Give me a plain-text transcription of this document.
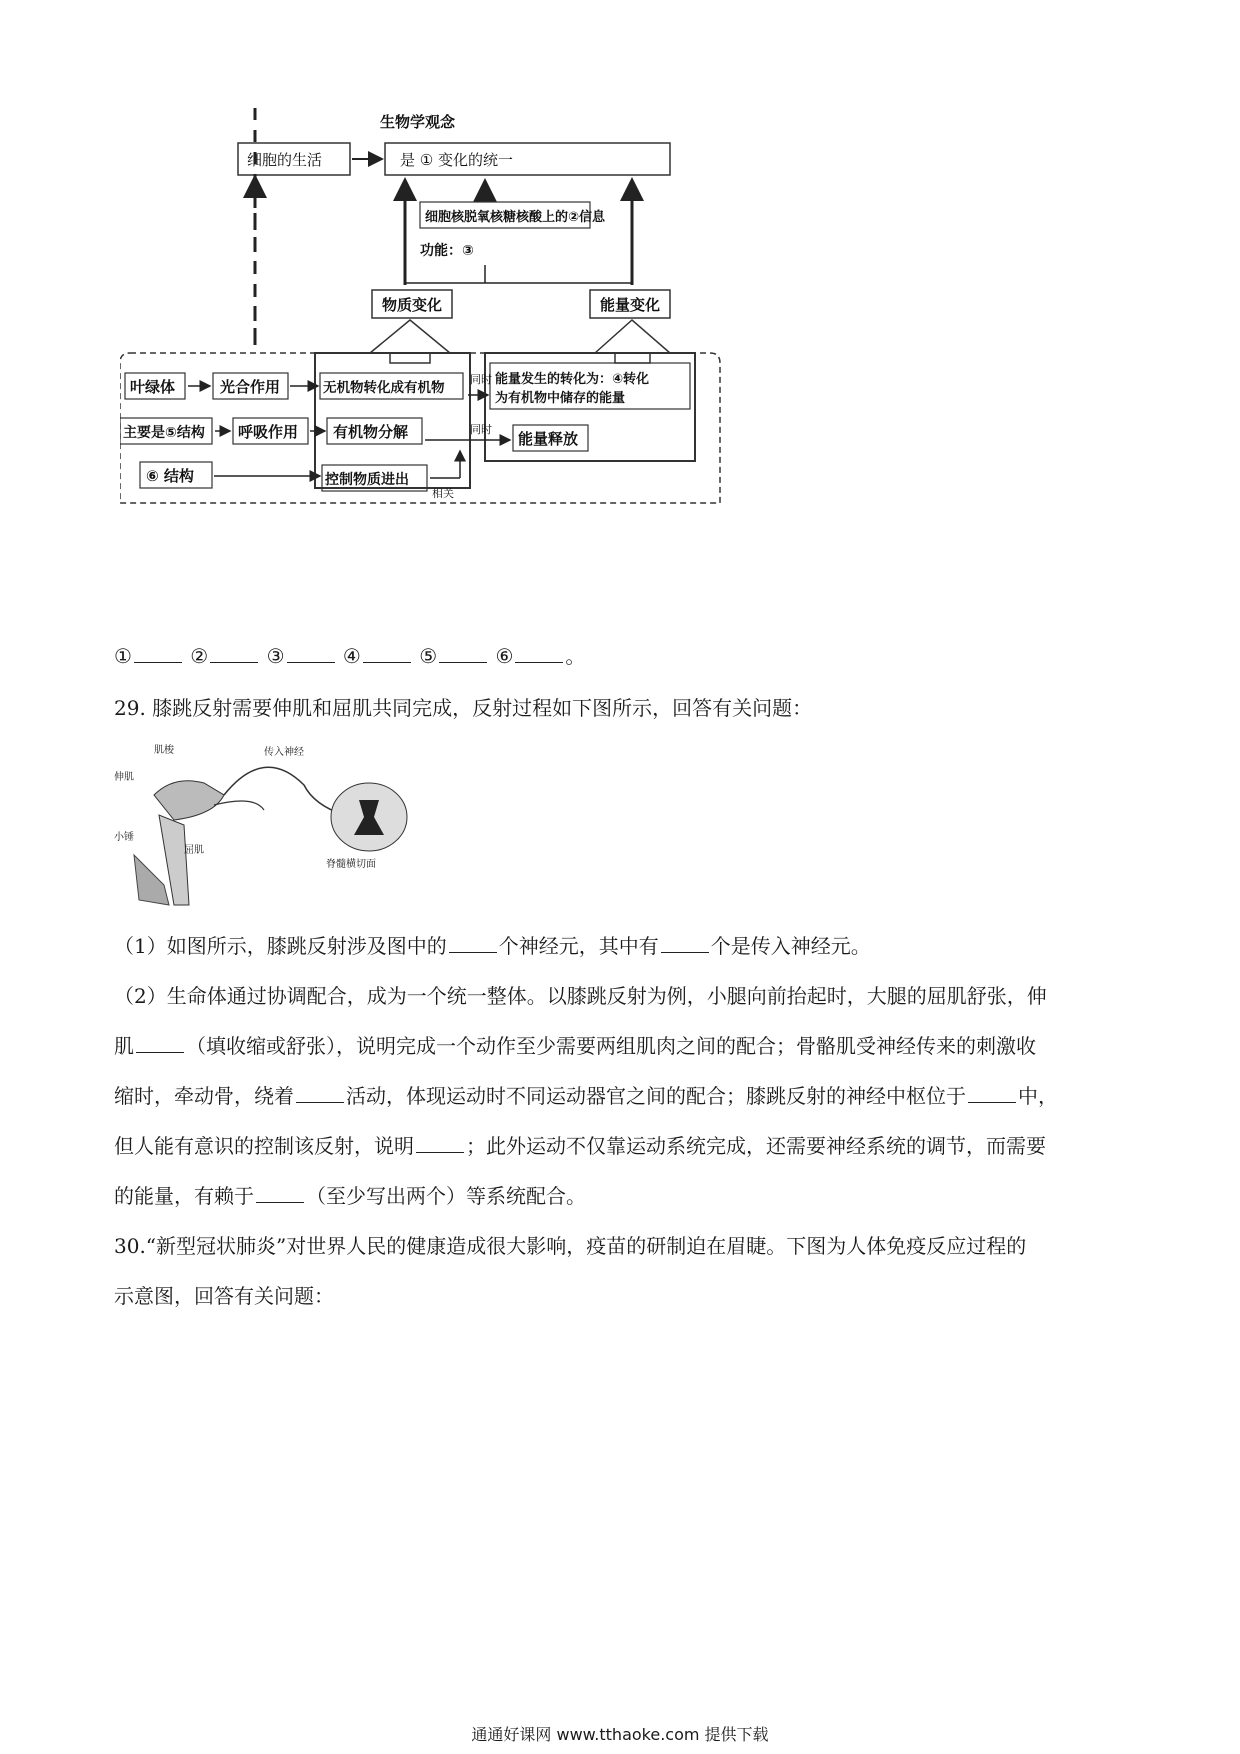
生物学观念
细胞的生活	是 ① 变化的统一
细胞核脱氧核糖核酸上的②信息
功能：③
物质变化	能量变化
叶绿体	光合作用	无机物转化成有机物
同时 能量发生的转化为：④转化
为有机物中储存的能量
主要是⑤结构 呼吸作用 有机物分解	同时
能量释放
⑥ 结构	控制物质进出
相关
①	②	③	④	⑤	⑥	。
29. 膝跳反射需要伸肌和屈肌共同完成，反射过程如下图所示，回答有关问题：
肌梭
伸肌
传入神经
小锤
屈肌
脊髓横切面
（1）如图所示，膝跳反射涉及图中的	个神经元，其中有	个是传入神经元。
（2）生命体通过协调配合，成为一个统一整体。以膝跳反射为例，小腿向前抬起时，大腿的屈肌舒张，伸
肌	（填收缩或舒张），说明完成一个动作至少需要两组肌肉之间的配合；骨骼肌受神经传来的刺激收
缩时，牵动骨，绕着	活动，体现运动时不同运动器官之间的配合；膝跳反射的神经中枢位于	中，
但人能有意识的控制该反射，说明	；此外运动不仅靠运动系统完成，还需要神经系统的调节，而需要
的能量，有赖于	（至少写出两个）等系统配合。
30.“新型冠状肺炎”对世界人民的健康造成很大影响，疫苗的研制迫在眉睫。下图为人体免疫反应过程的
示意图，回答有关问题：
通通好课网 www.tthaoke.com 提供下载
